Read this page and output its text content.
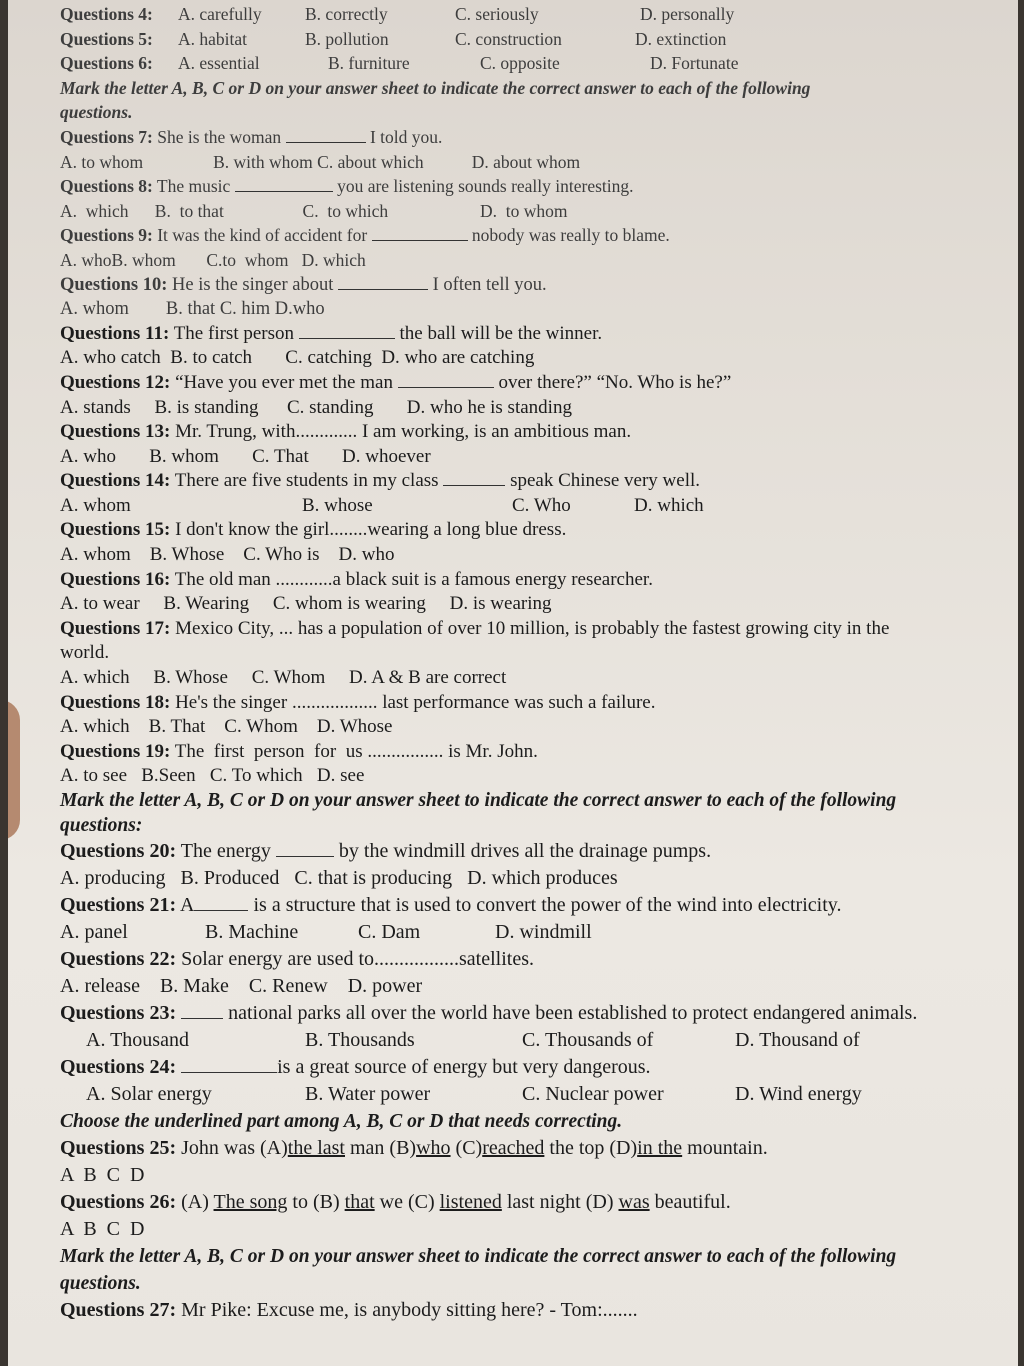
Questions 4: A. carefully B. correctly	C. seriously	D. personally
Questions 5: A. habitat	B. pollution	C. construction	D. extinction
Questions 6: A. essential	B. furniture	C. opposite	D. Fortunate
Mark the letter A, B, C or D on your answer sheet to indicate the correct answer to each of the following
questions.
Questions 7: She is the woman	I told you.
A. to whom                B. with whom C. about which           D. about whom
Questions 8: The music	you are listening sounds really interesting.
A.  which      B.  to that                  C.  to which                     D.  to whom
Questions 9: It was the kind of accident for	nobody was really to blame.
A. whoB. whom       C.to  whom   D. which
Questions 10: He is the singer about	I often tell you.
A. whom        B. that C. him D.who
Questions 11: The first person	the ball will be the winner.
A. who catch  B. to catch       C. catching  D. who are catching
Questions 12: “Have you ever met the man	over there?” “No. Who is he?”
A. stands     B. is standing      C. standing       D. who he is standing
Questions 13: Mr. Trung, with............. I am working, is an ambitious man.
A. who       B. whom       C. That       D. whoever
Questions 14: There are five students in my class	speak Chinese very well.
A. whom	B. whose	C. Who	D. which
Questions 15: I don't know the girl........wearing a long blue dress.
A. whom    B. Whose    C. Who is    D. who
Questions 16: The old man ............a black suit is a famous energy researcher.
A. to wear     B. Wearing     C. whom is wearing     D. is wearing
Questions 17: Mexico City, ... has a population of over 10 million, is probably the fastest growing city in the
world.
A. which     B. Whose     C. Whom     D. A & B are correct
Questions 18: He's the singer .................. last performance was such a failure.
A. which    B. That    C. Whom    D. Whose
Questions 19: The  first  person  for  us ................ is Mr. John.
A. to see   B.Seen   C. To which   D. see
Mark the letter A, B, C or D on your answer sheet to indicate the correct answer to each of the following
questions:
Questions 20: The energy	by the windmill drives all the drainage pumps.
A. producing   B. Produced   C. that is producing   D. which produces
Questions 21: A	is a structure that is used to convert the power of the wind into electricity.
A. panel	B. Machine	C. Dam	D. windmill
Questions 22: Solar energy are used to.................satellites.
A. release    B. Make    C. Renew    D. power
Questions 23:	national parks all over the world have been established to protect endangered animals.
A. Thousand	B. Thousands	C. Thousands of	D. Thousand of
Questions 24:	is a great source of energy but very dangerous.
A. Solar energy	B. Water power	C. Nuclear power	D. Wind energy
Choose the underlined part among A, B, C or D that needs correcting.
Questions 25: John was (A)the last man (B)who (C)reached the top (D)in the mountain.
A  B  C  D
Questions 26: (A) The song to (B) that we (C) listened last night (D) was beautiful.
A  B  C  D
Mark the letter A, B, C or D on your answer sheet to indicate the correct answer to each of the following
questions.
Questions 27: Mr Pike: Excuse me, is anybody sitting here? - Tom:.......
